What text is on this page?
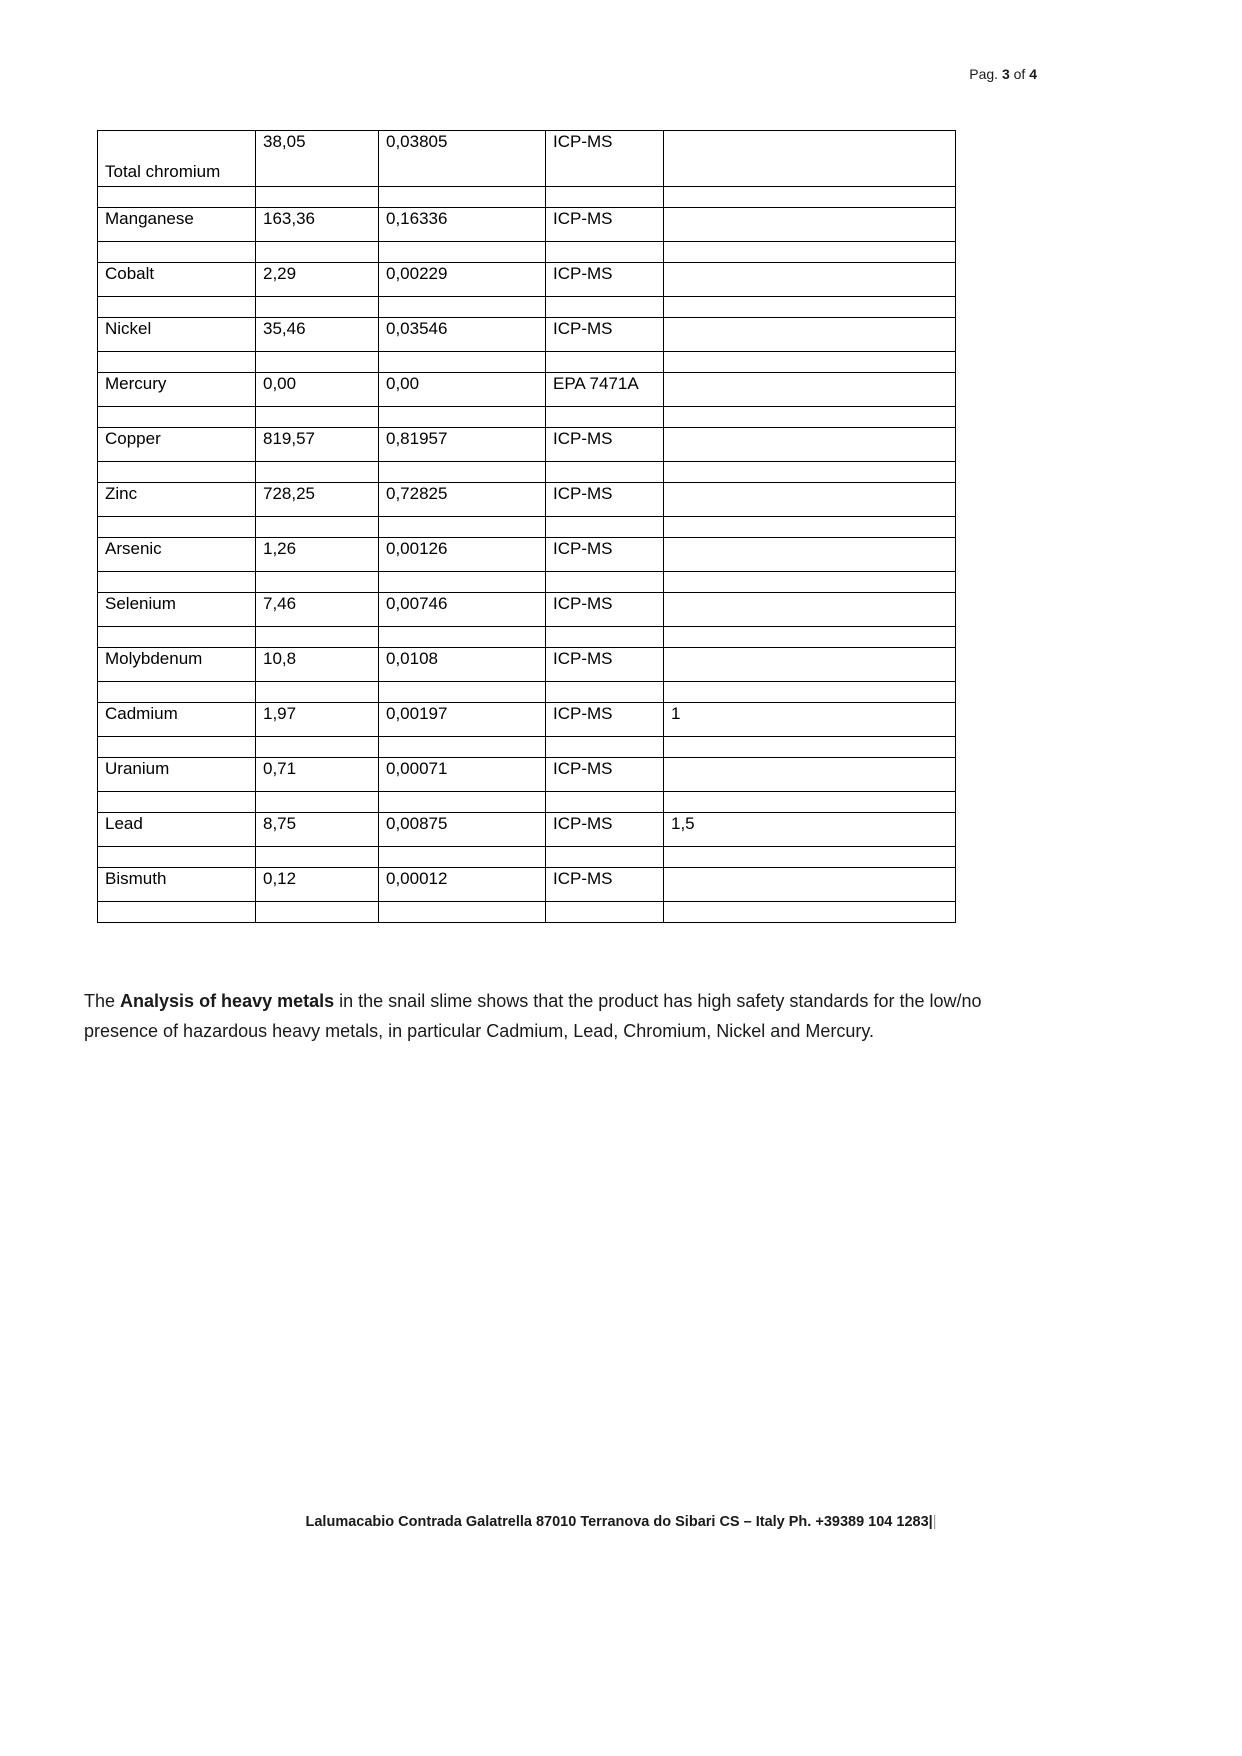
Pag. 3 of 4
Total chromium	38,05	0,03805	ICP-MS	

Manganese	163,36	0,16336	ICP-MS	

Cobalt	2,29	0,00229	ICP-MS	

Nickel	35,46	0,03546	ICP-MS	

Mercury	0,00	0,00	EPA 7471A	

Copper	819,57	0,81957	ICP-MS	

Zinc	728,25	0,72825	ICP-MS	

Arsenic	1,26	0,00126	ICP-MS	

Selenium	7,46	0,00746	ICP-MS	

Molybdenum	10,8	0,0108	ICP-MS	

Cadmium	1,97	0,00197	ICP-MS	1

Uranium	0,71	0,00071	ICP-MS	

Lead	8,75	0,00875	ICP-MS	1,5

Bismuth	0,12	0,00012	ICP-MS	

The Analysis of heavy metals in the snail slime shows that the product has high safety standards for the low/no presence of hazardous heavy metals, in particular Cadmium, Lead, Chromium, Nickel and Mercury.

Lalumacabio Contrada Galatrella 87010 Terranova do Sibari CS – Italy Ph. +39389 104 1283||
